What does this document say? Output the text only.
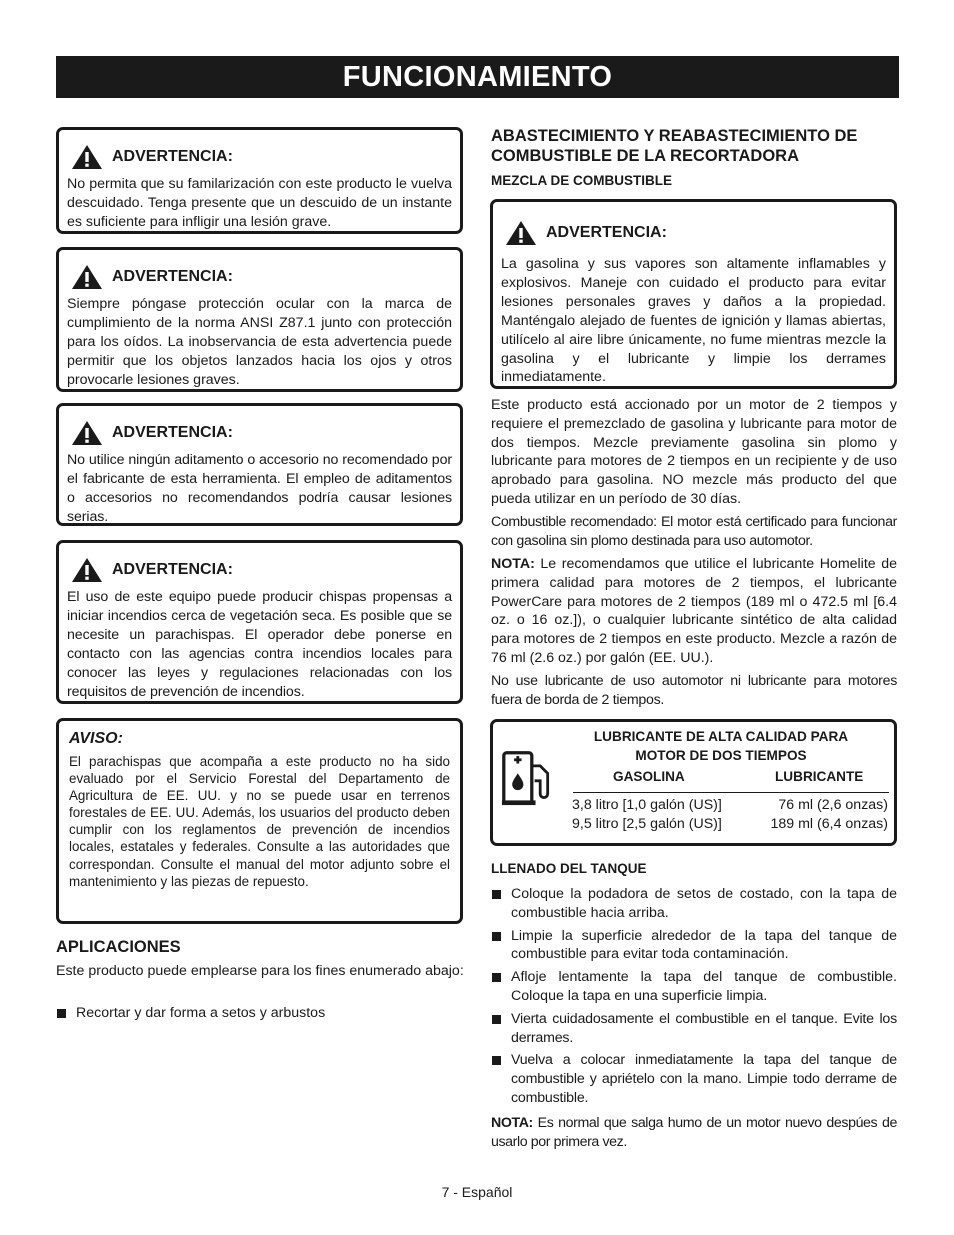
FUNCIONAMIENTO
ADVERTENCIA:

No permita que su familarización con este producto le vuelva descuidado. Tenga presente que un descuido de un instante es suficiente para infligir una lesión grave.

ADVERTENCIA:

Siempre póngase protección ocular con la marca de cumplimiento de la norma ANSI Z87.1 junto con protección para los oídos. La inobservancia de esta advertencia puede permitir que los objetos lanzados hacia los ojos y otros provocarle lesiones graves.

ADVERTENCIA:

No utilice ningún aditamento o accesorio no recomendado por el fabricante de esta herramienta. El empleo de aditamentos o accesorios no recomendandos podría causar lesiones serias.

ADVERTENCIA:

El uso de este equipo puede producir chispas propensas a iniciar incendios cerca de vegetación seca. Es posible que se necesite un parachispas. El operador debe ponerse en contacto con las agencias contra incendios locales para conocer las leyes y regulaciones relacionadas con los requisitos de prevención de incendios.

AVISO:

El parachispas que acompaña a este producto no ha sido evaluado por el Servicio Forestal del Departamento de Agricultura de EE. UU. y no se puede usar en terrenos forestales de EE. UU. Además, los usuarios del producto deben cumplir con los reglamentos de prevención de incendios locales, estatales y federales. Consulte a las autoridades que correspondan. Consulte el manual del motor adjunto sobre el mantenimiento y las piezas de repuesto.

APLICACIONES

Este producto puede emplearse para los fines enumerado abajo:

Recortar y dar forma a setos y arbustos
ABASTECIMIENTO Y REABASTECIMIENTO DE COMBUSTIBLE DE LA RECORTADORA
MEZCLA DE COMBUSTIBLE
ADVERTENCIA:

La gasolina y sus vapores son altamente inflamables y explosivos. Maneje con cuidado el producto para evitar lesiones personales graves y daños a la propiedad. Manténgalo alejado de fuentes de ignición y llamas abiertas, utilícelo al aire libre únicamente, no fume mientras mezcle la gasolina y el lubricante y limpie los derrames inmediatamente.

Este producto está accionado por un motor de 2 tiempos y requiere el premezclado de gasolina y lubricante para motor de dos tiempos. Mezcle previamente gasolina sin plomo y lubricante para motores de 2 tiempos en un recipiente y de uso aprobado para gasolina. NO mezcle más producto del que pueda utilizar en un período de 30 días.

Combustible recomendado: El motor está certificado para funcionar con gasolina sin plomo destinada para uso automotor.

NOTA: Le recomendamos que utilice el lubricante Homelite de primera calidad para motores de 2 tiempos, el lubricante PowerCare para motores de 2 tiempos (189 ml o 472.5 ml [6.4 oz. o 16 oz.]), o cualquier lubricante sintético de alta calidad para motores de 2 tiempos en este producto. Mezcle a razón de 76 ml (2.6 oz.) por galón (EE. UU.).

No use lubricante de uso automotor ni lubricante para motores fuera de borda de 2 tiempos.

LUBRICANTE DE ALTA CALIDAD PARA MOTOR DE DOS TIEMPOS
GASOLINA	LUBRICANTE
3,8 litro [1,0 galón (US)]	76 ml (2,6 onzas)
9,5 litro [2,5 galón (US)]	189 ml (6,4 onzas)
LLENADO DEL TANQUE
Coloque la podadora de setos de costado, con la tapa de combustible hacia arriba.
Limpie la superficie alrededor de la tapa del tanque de combustible para evitar toda contaminación.
Afloje lentamente la tapa del tanque de combustible. Coloque la tapa en una superficie limpia.
Vierta cuidadosamente el combustible en el tanque. Evite los derrames.
Vuelva a colocar inmediatamente la tapa del tanque de combustible y apriételo con la mano. Limpie todo derrame de combustible.

NOTA: Es normal que salga humo de un motor nuevo despúes de usarlo por primera vez.

7 - Español
